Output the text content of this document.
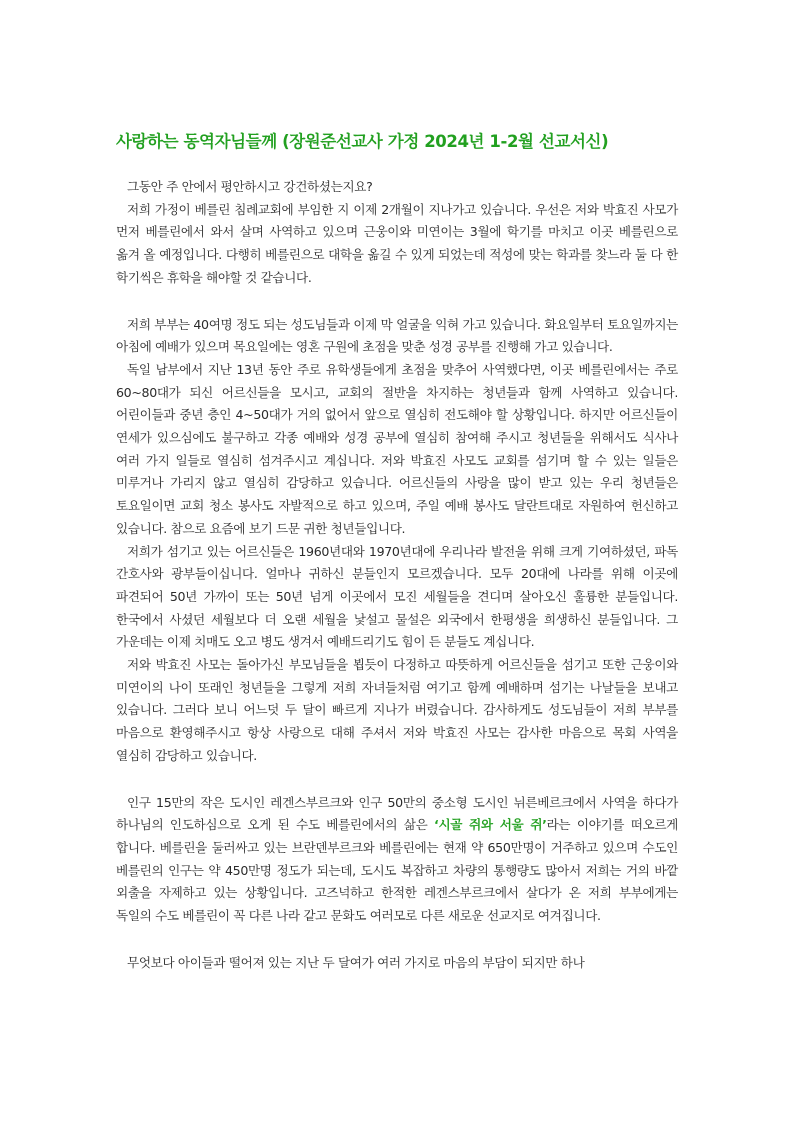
사랑하는 동역자님들께 (장원준선교사 가정 2024년 1-2월 선교서신)

그동안 주 안에서 평안하시고 강건하셨는지요?

저희 가정이 베를린 침례교회에 부임한 지 이제 2개월이 지나가고 있습니다. 우선은 저와 박효진 사모가 먼저 베를린에서 와서 살며 사역하고 있으며 근웅이와 미연이는 3월에 학기를 마치고 이곳 베를린으로 옮겨 올 예정입니다. 다행히 베를린으로 대학을 옮길 수 있게 되었는데 적성에 맞는 학과를 찾느라 둘 다 한 학기씩은 휴학을 해야할 것 같습니다.

저희 부부는 40여명 정도 되는 성도님들과 이제 막 얼굴을 익혀 가고 있습니다. 화요일부터 토요일까지는 아침에 예배가 있으며 목요일에는 영혼 구원에 초점을 맞춘 성경 공부를 진행해 가고 있습니다.

독일 남부에서 지난 13년 동안 주로 유학생들에게 초점을 맞추어 사역했다면, 이곳 베를린에서는 주로 60~80대가 되신 어르신들을 모시고, 교회의 절반을 차지하는 청년들과 함께 사역하고 있습니다. 어린이들과 중년 층인 4~50대가 거의 없어서 앞으로 열심히 전도해야 할 상황입니다. 하지만 어르신들이 연세가 있으심에도 불구하고 각종 예배와 성경 공부에 열심히 참여해 주시고 청년들을 위해서도 식사나 여러 가지 일들로 열심히 섬겨주시고 계십니다. 저와 박효진 사모도 교회를 섬기며 할 수 있는 일들은 미루거나 가리지 않고 열심히 감당하고 있습니다. 어르신들의 사랑을 많이 받고 있는 우리 청년들은 토요일이면 교회 청소 봉사도 자발적으로 하고 있으며, 주일 예배 봉사도 달란트대로 자원하여 헌신하고 있습니다. 참으로 요즘에 보기 드문 귀한 청년들입니다.

저희가 섬기고 있는 어르신들은 1960년대와 1970년대에 우리나라 발전을 위해 크게 기여하셨던, 파독 간호사와 광부들이십니다. 얼마나 귀하신 분들인지 모르겠습니다. 모두 20대에 나라를 위해 이곳에 파견되어 50년 가까이 또는 50년 넘게 이곳에서 모진 세월들을 견디며 살아오신 훌륭한 분들입니다. 한국에서 사셨던 세월보다 더 오랜 세월을 낯설고 물설은 외국에서 한평생을 희생하신 분들입니다. 그 가운데는 이제 치매도 오고 병도 생겨서 예배드리기도 힘이 든 분들도 계십니다.

저와 박효진 사모는 돌아가신 부모님들을 뵙듯이 다정하고 따뜻하게 어르신들을 섬기고 또한 근웅이와 미연이의 나이 또래인 청년들을 그렇게 저희 자녀들처럼 여기고 함께 예배하며 섬기는 나날들을 보내고 있습니다. 그러다 보니 어느덧 두 달이 빠르게 지나가 버렸습니다. 감사하게도 성도님들이 저희 부부를 마음으로 환영해주시고 항상 사랑으로 대해 주셔서 저와 박효진 사모는 감사한 마음으로 목회 사역을 열심히 감당하고 있습니다.

인구 15만의 작은 도시인 레겐스부르크와 인구 50만의 중소형 도시인 뉘른베르크에서 사역을 하다가 하나님의 인도하심으로 오게 된 수도 베를린에서의 삶은 ‘시골 쥐와 서울 쥐’라는 이야기를 떠오르게 합니다. 베를린을 둘러싸고 있는 브란덴부르크와 베를린에는 현재 약 650만명이 거주하고 있으며 수도인 베를린의 인구는 약 450만명 정도가 되는데, 도시도 복잡하고 차량의 통행량도 많아서 저희는 거의 바깥 외출을 자제하고 있는 상황입니다. 고즈넉하고 한적한 레겐스부르크에서 살다가 온 저희 부부에게는 독일의 수도 베를린이 꼭 다른 나라 같고 문화도 여러모로 다른 새로운 선교지로 여겨집니다.

무엇보다 아이들과 떨어져 있는 지난 두 달여가 여러 가지로 마음의 부담이 되지만 하나
